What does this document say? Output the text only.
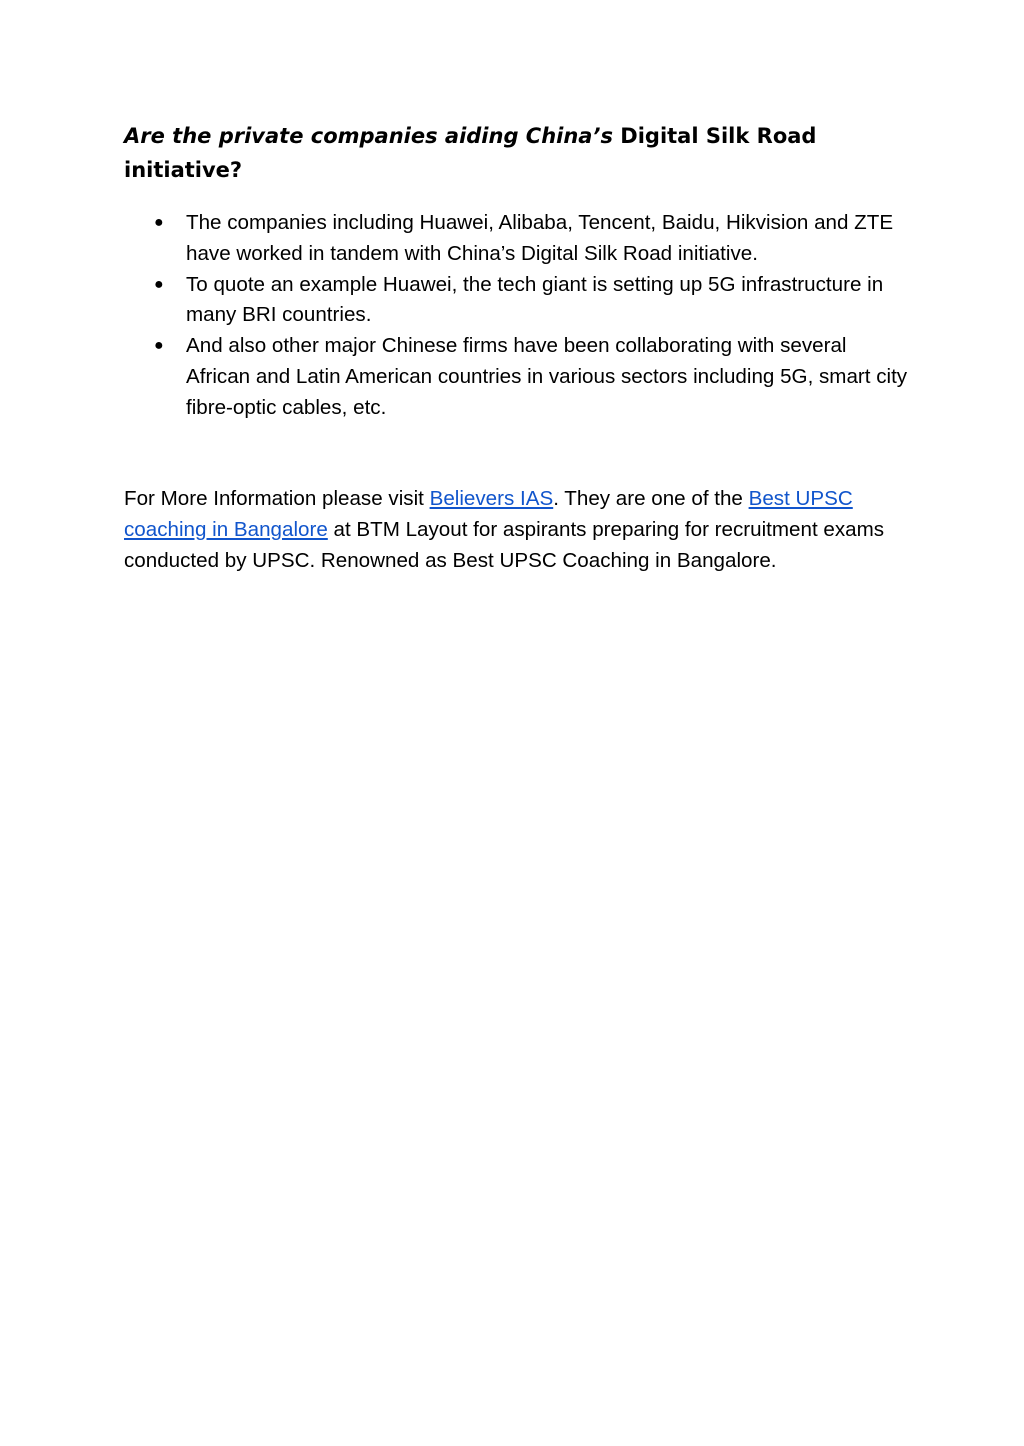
Are the private companies aiding China’s Digital Silk Road initiative?
● The companies including Huawei, Alibaba, Tencent, Baidu, Hikvision and ZTE have worked in tandem with China’s Digital Silk Road initiative.
● To quote an example Huawei, the tech giant is setting up 5G infrastructure in many BRI countries.
● And also other major Chinese firms have been collaborating with several African and Latin American countries in various sectors including 5G, smart city fibre-optic cables, etc.

For More Information please visit Believers IAS. They are one of the Best UPSC coaching in Bangalore at BTM Layout for aspirants preparing for recruitment exams conducted by UPSC. Renowned as Best UPSC Coaching in Bangalore.
